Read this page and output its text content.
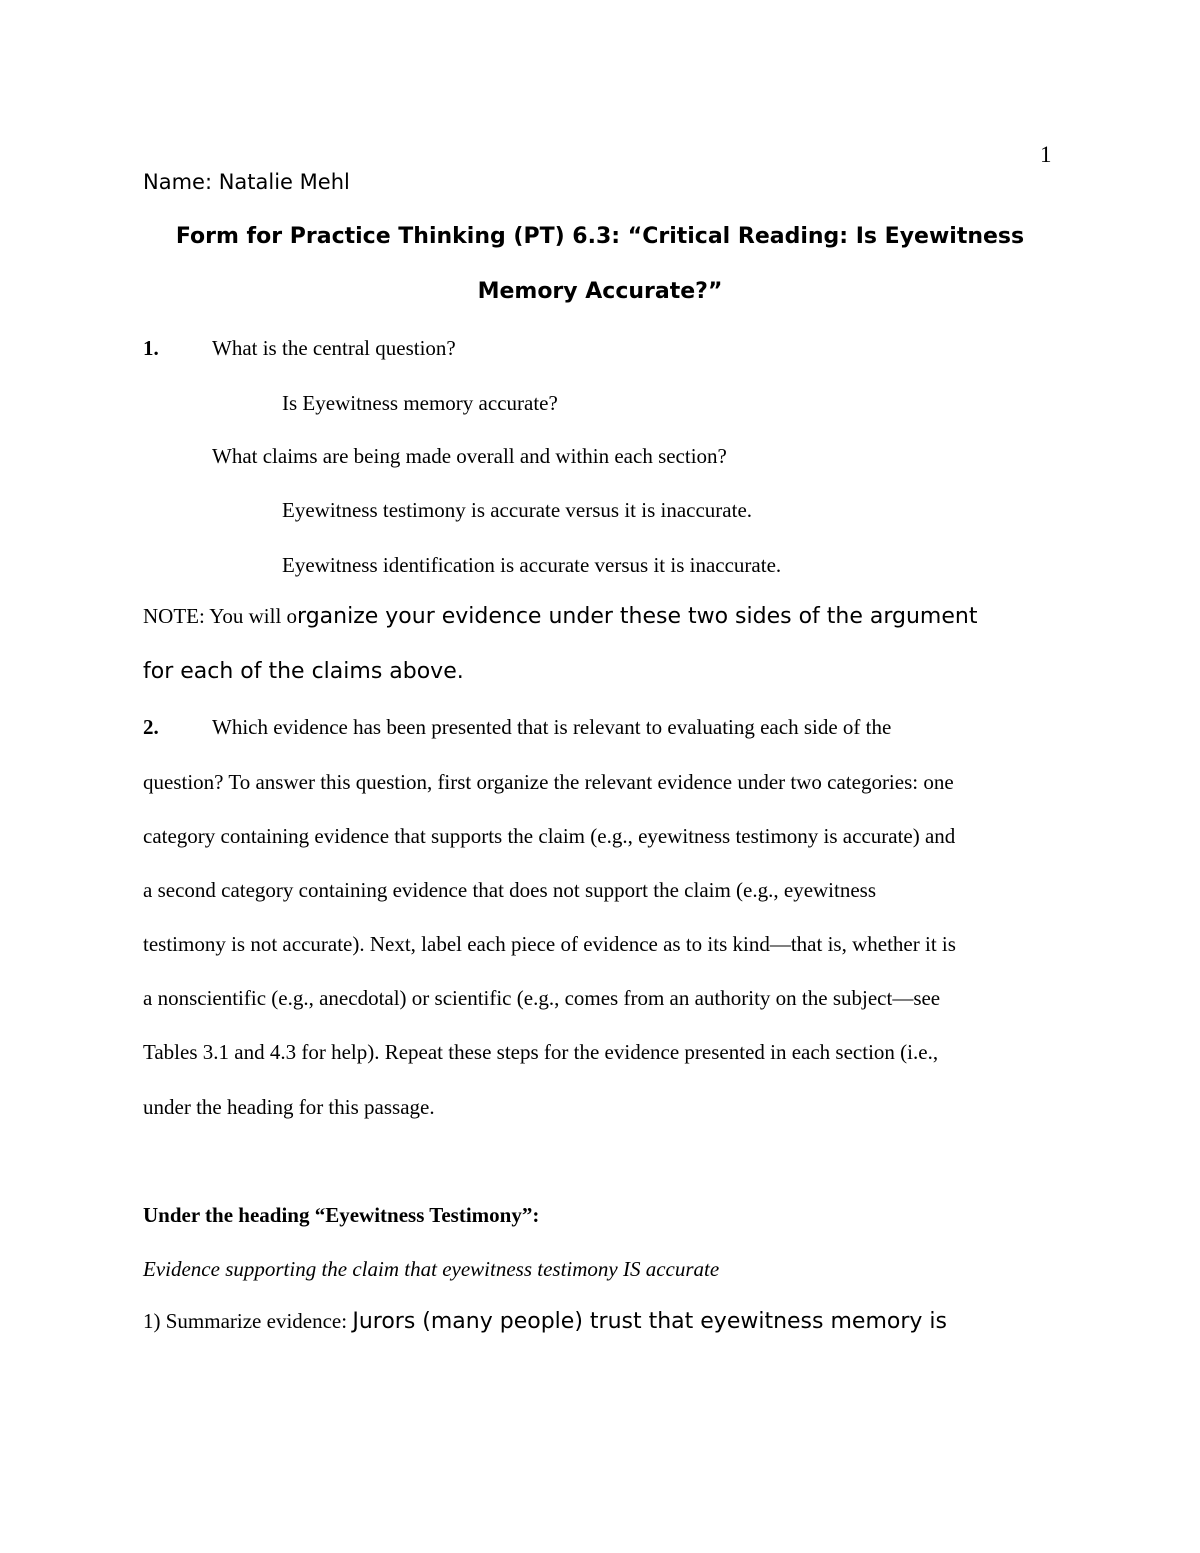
1
Name: Natalie Mehl
Form for Practice Thinking (PT) 6.3: “Critical Reading: Is Eyewitness
Memory Accurate?”
1.	What is the central question?
Is Eyewitness memory accurate?
What claims are being made overall and within each section?
Eyewitness testimony is accurate versus it is inaccurate.
Eyewitness identification is accurate versus it is inaccurate.
NOTE: You will organize your evidence under these two sides of the argument
for each of the claims above.
2.	Which evidence has been presented that is relevant to evaluating each side of the
question? To answer this question, first organize the relevant evidence under two categories: one
category containing evidence that supports the claim (e.g., eyewitness testimony is accurate) and
a second category containing evidence that does not support the claim (e.g., eyewitness
testimony is not accurate). Next, label each piece of evidence as to its kind—that is, whether it is
a nonscientific (e.g., anecdotal) or scientific (e.g., comes from an authority on the subject—see
Tables 3.1 and 4.3 for help). Repeat these steps for the evidence presented in each section (i.e.,
under the heading for this passage.
Under the heading “Eyewitness Testimony”:
Evidence supporting the claim that eyewitness testimony IS accurate
1) Summarize evidence: Jurors (many people) trust that eyewitness memory is
